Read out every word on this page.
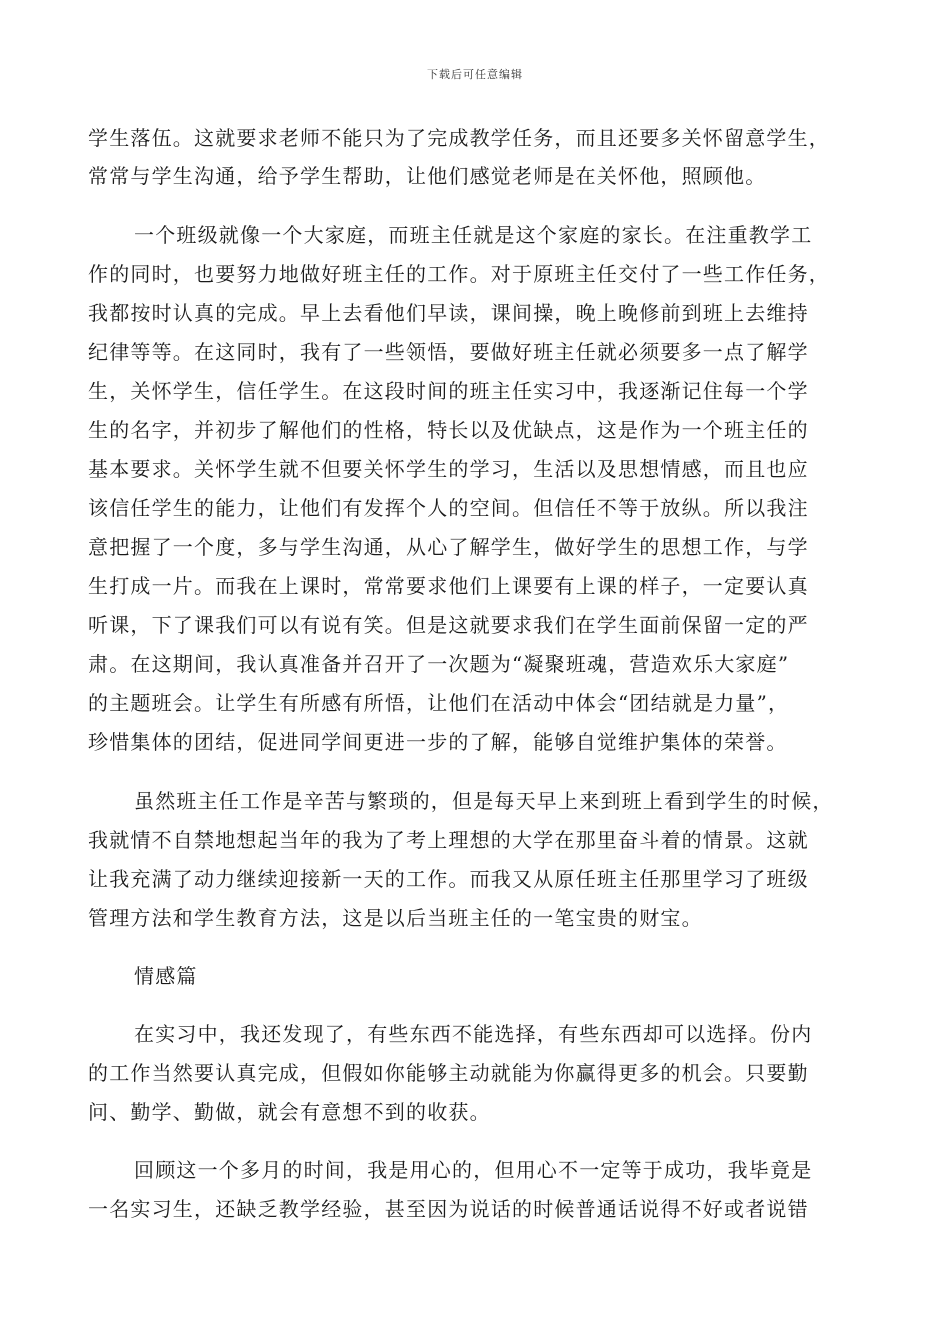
下载后可任意编辑
学生落伍。这就要求老师不能只为了完成教学任务，而且还要多关怀留意学生，
常常与学生沟通，给予学生帮助，让他们感觉老师是在关怀他，照顾他。
一个班级就像一个大家庭，而班主任就是这个家庭的家长。在注重教学工
作的同时，也要努力地做好班主任的工作。对于原班主任交付了一些工作任务，
我都按时认真的完成。早上去看他们早读，课间操，晚上晚修前到班上去维持
纪律等等。在这同时，我有了一些领悟，要做好班主任就必须要多一点了解学
生，关怀学生，信任学生。在这段时间的班主任实习中，我逐渐记住每一个学
生的名字，并初步了解他们的性格，特长以及优缺点，这是作为一个班主任的
基本要求。关怀学生就不但要关怀学生的学习，生活以及思想情感，而且也应
该信任学生的能力，让他们有发挥个人的空间。但信任不等于放纵。所以我注
意把握了一个度，多与学生沟通，从心了解学生，做好学生的思想工作，与学
生打成一片。而我在上课时，常常要求他们上课要有上课的样子，一定要认真
听课，下了课我们可以有说有笑。但是这就要求我们在学生面前保留一定的严
肃。在这期间，我认真准备并召开了一次题为“凝聚班魂，营造欢乐大家庭”
的主题班会。让学生有所感有所悟，让他们在活动中体会“团结就是力量”，
珍惜集体的团结，促进同学间更进一步的了解，能够自觉维护集体的荣誉。
虽然班主任工作是辛苦与繁琐的，但是每天早上来到班上看到学生的时候，
我就情不自禁地想起当年的我为了考上理想的大学在那里奋斗着的情景。这就
让我充满了动力继续迎接新一天的工作。而我又从原任班主任那里学习了班级
管理方法和学生教育方法，这是以后当班主任的一笔宝贵的财宝。
情感篇
在实习中，我还发现了，有些东西不能选择，有些东西却可以选择。份内
的工作当然要认真完成，但假如你能够主动就能为你赢得更多的机会。只要勤
问、勤学、勤做，就会有意想不到的收获。
回顾这一个多月的时间，我是用心的，但用心不一定等于成功，我毕竟是
一名实习生，还缺乏教学经验，甚至因为说话的时候普通话说得不好或者说错
